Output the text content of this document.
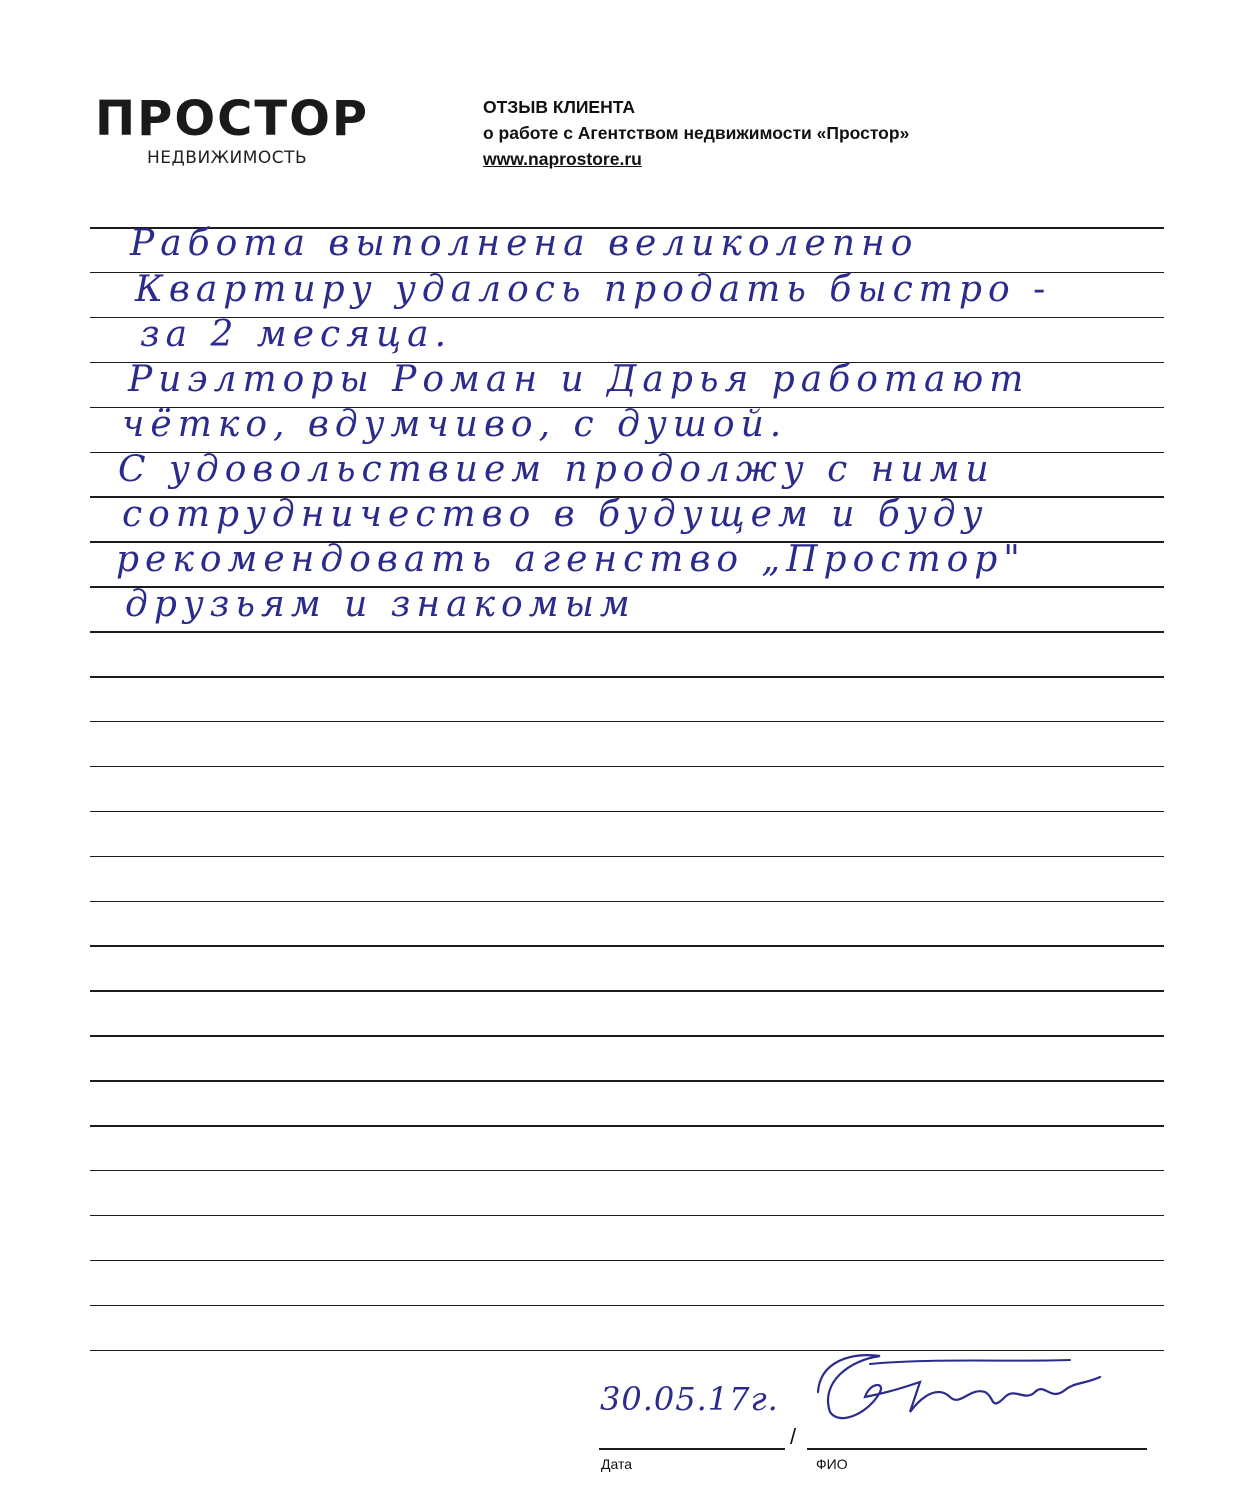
ПРОСТОР
НЕДВИЖИМОСТЬ
ОТЗЫВ КЛИЕНТА
о работе с Агентством недвижимости «Простор»
www.naprostore.ru

Работа выполнена великолепно

Квартиру удалось продать быстро -

за 2 месяца.

Риэлторы Роман и Дарья работают

чётко, вдумчиво, с душой.

С удовольствием продолжу с ними

сотрудничество в будущем и буду

рекомендовать агенство „Простор"

друзьям и знакомым

30.05.17г.
/
Дата	ФИО
